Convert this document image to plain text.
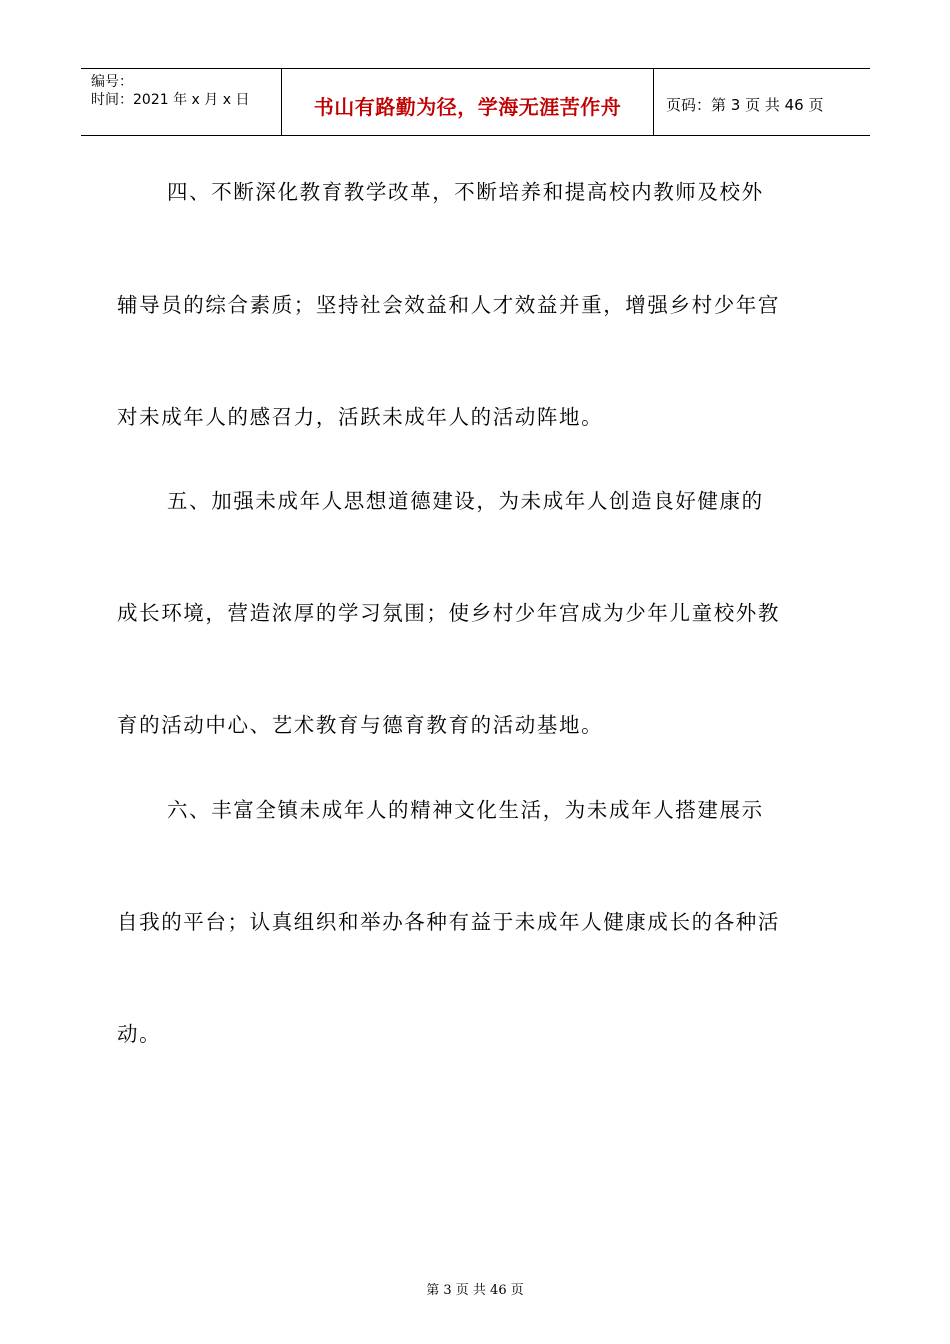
编号：
时间：2021 年 x 月 x 日	书山有路勤为径，学海无涯苦作舟	页码：第 3 页 共 46 页

四、不断深化教育教学改革，不断培养和提高校内教师及校外

辅导员的综合素质；坚持社会效益和人才效益并重，增强乡村少年宫

对未成年人的感召力，活跃未成年人的活动阵地。

五、加强未成年人思想道德建设，为未成年人创造良好健康的

成长环境，营造浓厚的学习氛围；使乡村少年宫成为少年儿童校外教

育的活动中心、艺术教育与德育教育的活动基地。

六、丰富全镇未成年人的精神文化生活，为未成年人搭建展示

自我的平台；认真组织和举办各种有益于未成年人健康成长的各种活

动。

第 3 页 共 46 页
